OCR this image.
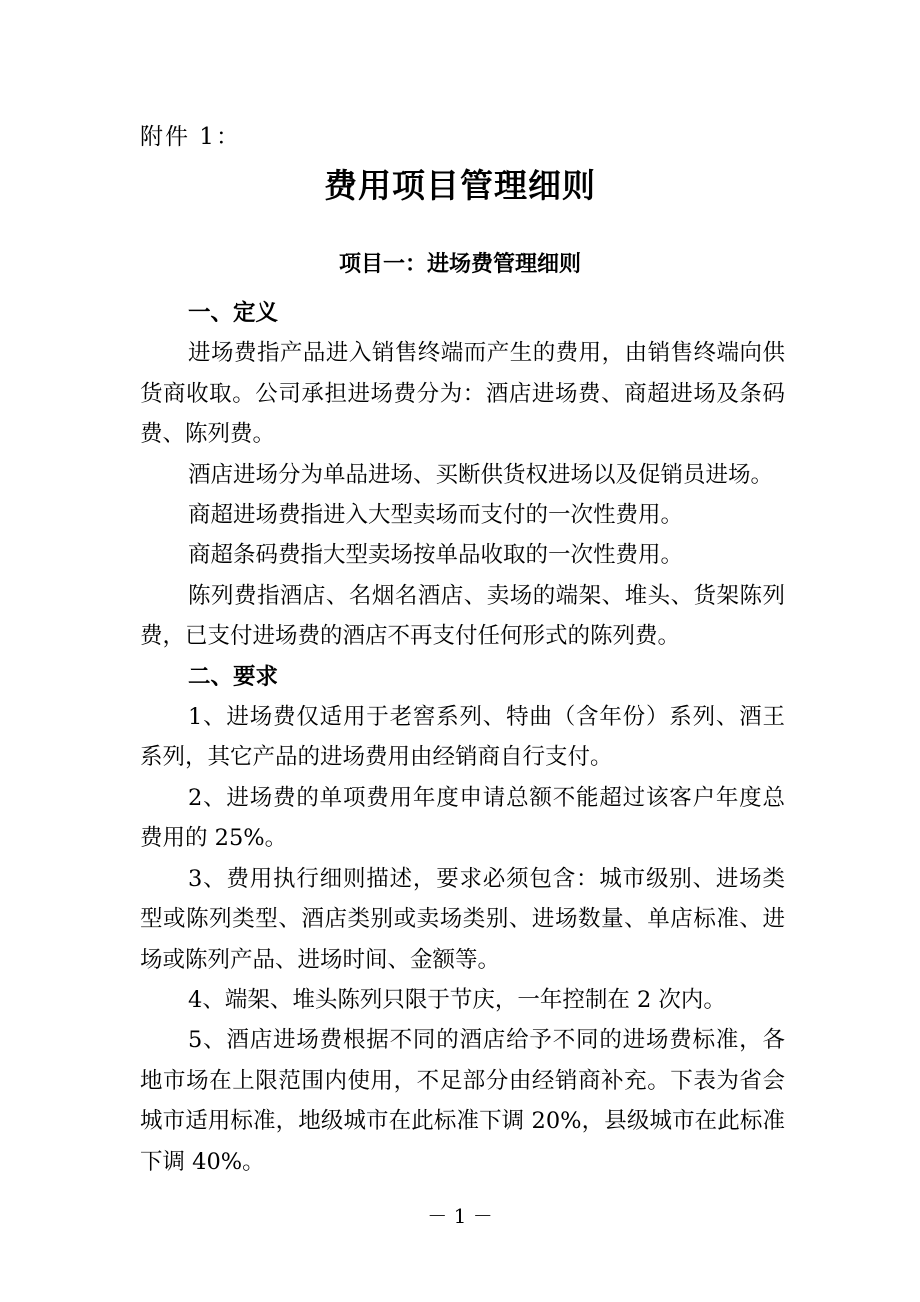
附件 1：
费用项目管理细则
项目一：进场费管理细则

一、定义

进场费指产品进入销售终端而产生的费用，由销售终端向供货商收取。公司承担进场费分为：酒店进场费、商超进场及条码费、陈列费。

酒店进场分为单品进场、买断供货权进场以及促销员进场。

商超进场费指进入大型卖场而支付的一次性费用。

商超条码费指大型卖场按单品收取的一次性费用。

陈列费指酒店、名烟名酒店、卖场的端架、堆头、货架陈列费，已支付进场费的酒店不再支付任何形式的陈列费。

二、要求

1、进场费仅适用于老窖系列、特曲（含年份）系列、酒王系列，其它产品的进场费用由经销商自行支付。

2、进场费的单项费用年度申请总额不能超过该客户年度总费用的 25%。

3、费用执行细则描述，要求必须包含：城市级别、进场类型或陈列类型、酒店类别或卖场类别、进场数量、单店标准、进场或陈列产品、进场时间、金额等。

4、端架、堆头陈列只限于节庆，一年控制在 2 次内。

5、酒店进场费根据不同的酒店给予不同的进场费标准，各地市场在上限范围内使用，不足部分由经销商补充。下表为省会城市适用标准，地级城市在此标准下调 20%，县级城市在此标准下调 40%。

－ 1 －
